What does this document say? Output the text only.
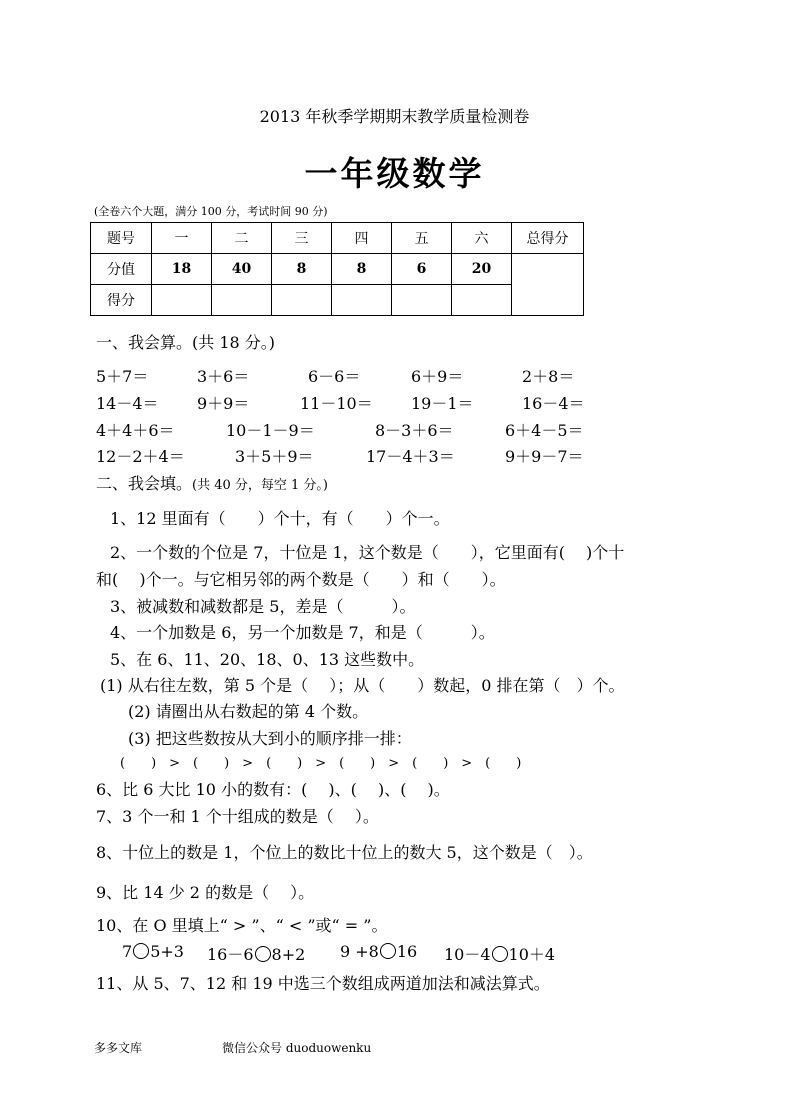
2013 年秋季学期期末教学质量检测卷
一年级数学
(全卷六个大题，满分 100 分，考试时间 90 分)
题号	一	二	三	四	五	六	总得分
分值	18	40	8	8	6	20	
得分							
一、我会算。(共 18 分。)
5＋7＝	3＋6＝	6－6＝	6＋9＝	2＋8＝
14－4＝ 9＋9＝	11－10＝ 19－1＝	16－4＝
4＋4＋6＝	10－1－9＝	8－3＋6＝	6＋4－5＝
12－2＋4＝	3＋5＋9＝	17－4＋3＝	9＋9－7＝
二、我会填。(共 40 分，每空 1 分。)
1、12 里面有（　　）个十，有（　　）个一。
2、一个数的个位是 7，十位是 1，这个数是（　　），它里面有(　 )个十
和(　 )个一。与它相另邻的两个数是（　　）和（　　）。
3、被减数和减数都是 5，差是（　　　）。
4、一个加数是 6，另一个加数是 7，和是（　　　）。
5、在 6、11、20、18、0、13 这些数中。
(1) 从右往左数，第 5 个是（　 ）；从（　　）数起，0 排在第（　）个。
(2) 请圈出从右数起的第 4 个数。
(3) 把这些数按从大到小的顺序排一排：
(　　)　>　(　　)　>　(　　)　>　(　　)　>　(　　)　>　(　　)
6、比 6 大比 10 小的数有：(　 )、(　 )、(　 )。
7、3 个一和 1 个十组成的数是（　 ）。
8、十位上的数是 1，个位上的数比十位上的数大 5，这个数是（　）。
9、比 14 少 2 的数是（　 ）。
10、在 O 里填上“ > ”、“ < ”或“ = ”。
7 5+3 16－6 8+2 9 +8 16 10－4 10＋4
11、从 5、7、12 和 19 中选三个数组成两道加法和减法算式。
多多文库	微信公众号 duoduowenku
